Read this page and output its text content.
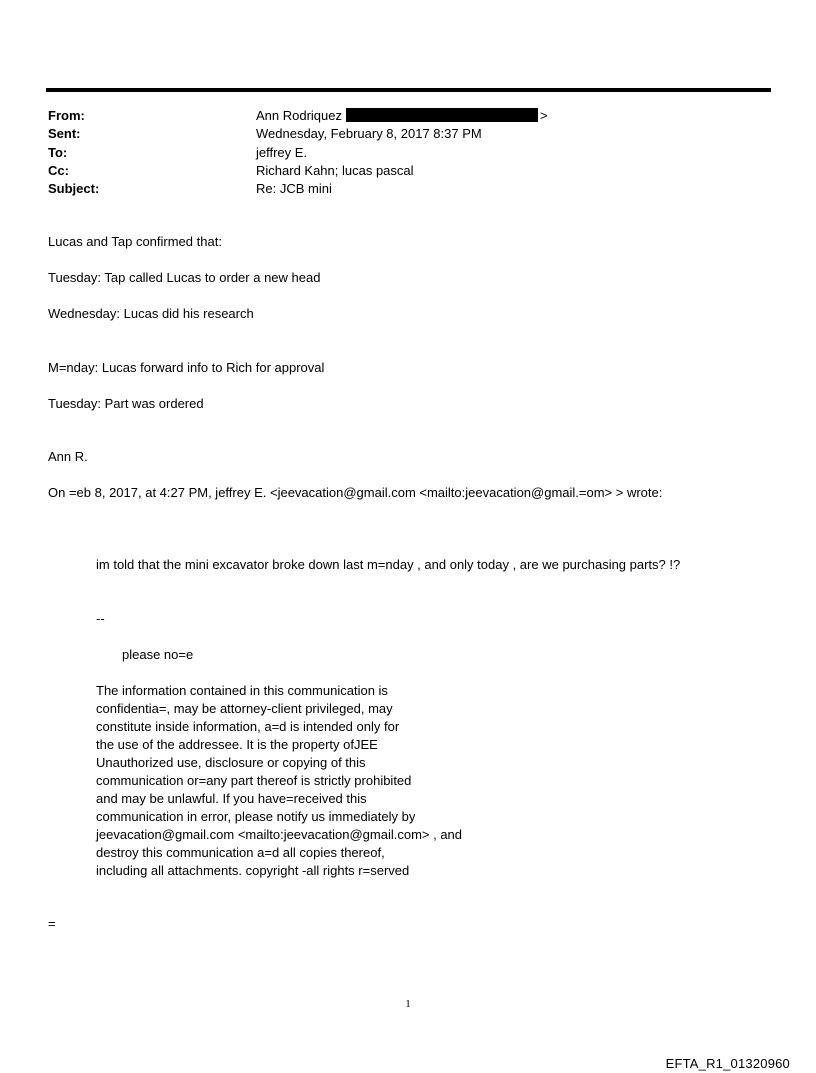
From:	Ann Rodriquez	>
Sent:	Wednesday, February 8, 2017 8:37 PM
To:	jeffrey E.
Cc:	Richard Kahn; lucas pascal
Subject:	Re: JCB mini
Lucas and Tap confirmed that:
Tuesday: Tap called Lucas to order a new head
Wednesday: Lucas did his research
M=nday: Lucas forward info to Rich for approval
Tuesday: Part was ordered
Ann R.
On =eb 8, 2017, at 4:27 PM, jeffrey E. <jeevacation@gmail.com <mailto:jeevacation@gmail.=om> > wrote:
im told that the mini excavator broke down last m=nday , and only today , are we purchasing parts? !?
--
please no=e
The information contained in this communication is
confidentia=, may be attorney-client privileged, may
constitute inside information, a=d is intended only for
the use of the addressee. It is the property ofJEE
Unauthorized use, disclosure or copying of this
communication or=any part thereof is strictly prohibited
and may be unlawful. If you have=received this
communication in error, please notify us immediately by
jeevacation@gmail.com <mailto:jeevacation@gmail.com> , and
destroy this communication a=d all copies thereof,
including all attachments. copyright -all rights r=served
=
1
EFTA_R1_01320960
